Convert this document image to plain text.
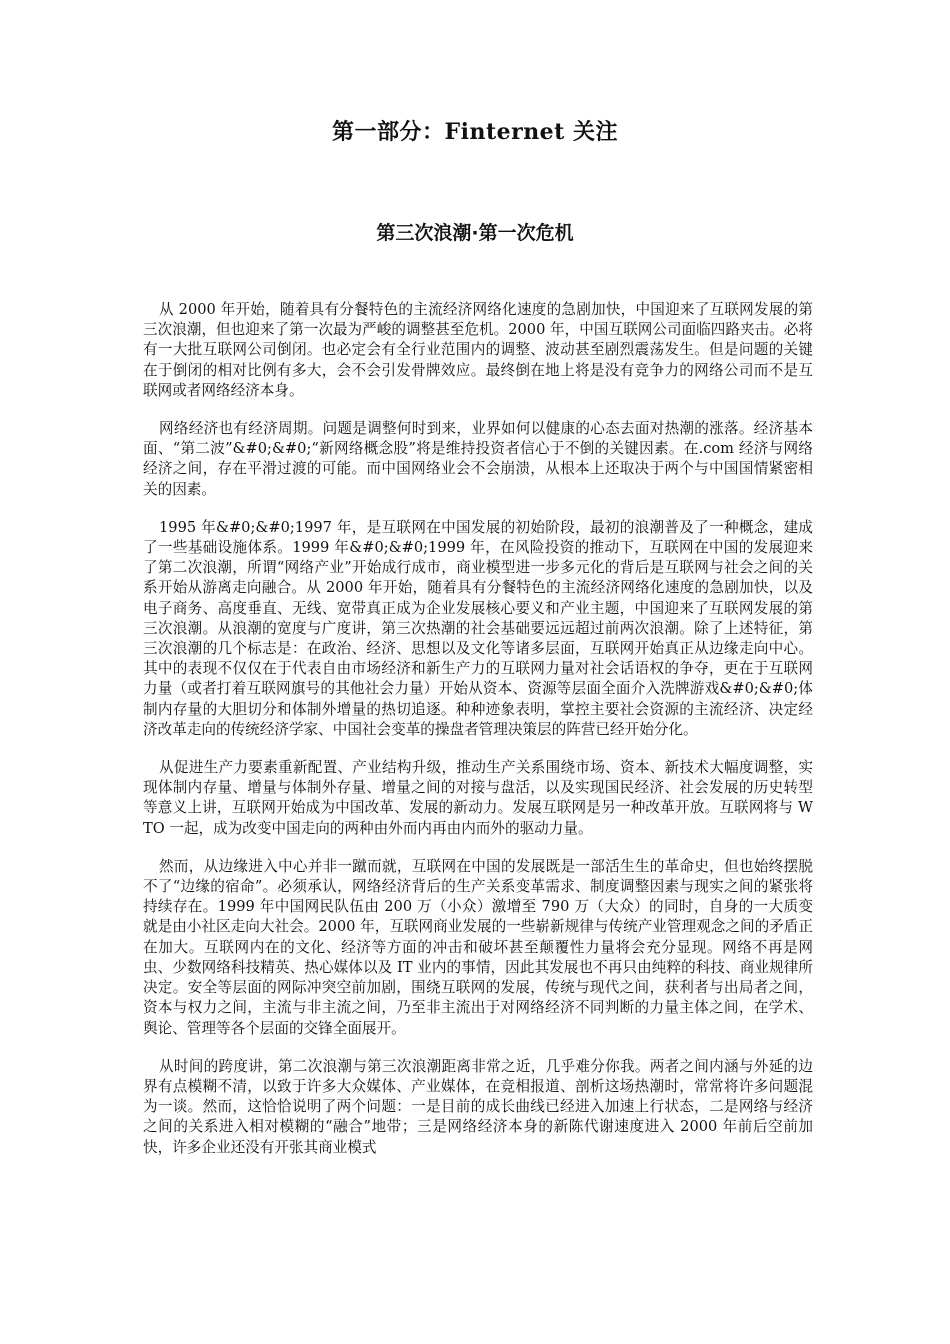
第一部分：Finternet 关注
第三次浪潮·第一次危机

从 2000 年开始，随着具有分餐特色的主流经济网络化速度的急剧加快，中国迎来了互联网发展的第三次浪潮，但也迎来了第一次最为严峻的调整甚至危机。2000 年，中国互联网公司面临四路夹击。必将有一大批互联网公司倒闭。也必定会有全行业范围内的调整、波动甚至剧烈震荡发生。但是问题的关键在于倒闭的相对比例有多大，会不会引发骨牌效应。最终倒在地上将是没有竞争力的网络公司而不是互联网或者网络经济本身。

网络经济也有经济周期。问题是调整何时到来，业界如何以健康的心态去面对热潮的涨落。经济基本面、“第二波”&#0;&#0;“新网络概念股”将是维持投资者信心于不倒的关键因素。在.com 经济与网络经济之间，存在平滑过渡的可能。而中国网络业会不会崩溃，从根本上还取决于两个与中国国情紧密相关的因素。

1995 年&#0;&#0;1997 年，是互联网在中国发展的初始阶段，最初的浪潮普及了一种概念，建成了一些基础设施体系。1999 年&#0;&#0;1999 年，在风险投资的推动下，互联网在中国的发展迎来了第二次浪潮，所谓“网络产业”开始成行成市，商业模型进一步多元化的背后是互联网与社会之间的关系开始从游离走向融合。从 2000 年开始，随着具有分餐特色的主流经济网络化速度的急剧加快，以及电子商务、高度垂直、无线、宽带真正成为企业发展核心要义和产业主题，中国迎来了互联网发展的第三次浪潮。从浪潮的宽度与广度讲，第三次热潮的社会基础要远远超过前两次浪潮。除了上述特征，第三次浪潮的几个标志是：在政治、经济、思想以及文化等诸多层面，互联网开始真正从边缘走向中心。其中的表现不仅仅在于代表自由市场经济和新生产力的互联网力量对社会话语权的争夺，更在于互联网力量（或者打着互联网旗号的其他社会力量）开始从资本、资源等层面全面介入洗牌游戏&#0;&#0;体制内存量的大胆切分和体制外增量的热切追逐。种种迹象表明，掌控主要社会资源的主流经济、决定经济改革走向的传统经济学家、中国社会变革的操盘者管理决策层的阵营已经开始分化。

从促进生产力要素重新配置、产业结构升级，推动生产关系围绕市场、资本、新技术大幅度调整，实现体制内存量、增量与体制外存量、增量之间的对接与盘活，以及实现国民经济、社会发展的历史转型等意义上讲，互联网开始成为中国改革、发展的新动力。发展互联网是另一种改革开放。互联网将与 WTO 一起，成为改变中国走向的两种由外而内再由内而外的驱动力量。

然而，从边缘进入中心并非一蹴而就，互联网在中国的发展既是一部活生生的革命史，但也始终摆脱不了“边缘的宿命”。必须承认，网络经济背后的生产关系变革需求、制度调整因素与现实之间的紧张将持续存在。1999 年中国网民队伍由 200 万（小众）激增至 790 万（大众）的同时，自身的一大质变就是由小社区走向大社会。2000 年，互联网商业发展的一些崭新规律与传统产业管理观念之间的矛盾正在加大。互联网内在的文化、经济等方面的冲击和破坏甚至颠覆性力量将会充分显现。网络不再是网虫、少数网络科技精英、热心媒体以及 IT 业内的事情，因此其发展也不再只由纯粹的科技、商业规律所决定。安全等层面的网际冲突空前加剧，围绕互联网的发展，传统与现代之间，获利者与出局者之间，资本与权力之间，主流与非主流之间，乃至非主流出于对网络经济不同判断的力量主体之间，在学术、舆论、管理等各个层面的交锋全面展开。

从时间的跨度讲，第二次浪潮与第三次浪潮距离非常之近，几乎难分你我。两者之间内涵与外延的边界有点模糊不清，以致于许多大众媒体、产业媒体，在竞相报道、剖析这场热潮时，常常将许多问题混为一谈。然而，这恰恰说明了两个问题：一是目前的成长曲线已经进入加速上行状态，二是网络与经济之间的关系进入相对模糊的“融合”地带；三是网络经济本身的新陈代谢速度进入 2000 年前后空前加快，许多企业还没有开张其商业模式
